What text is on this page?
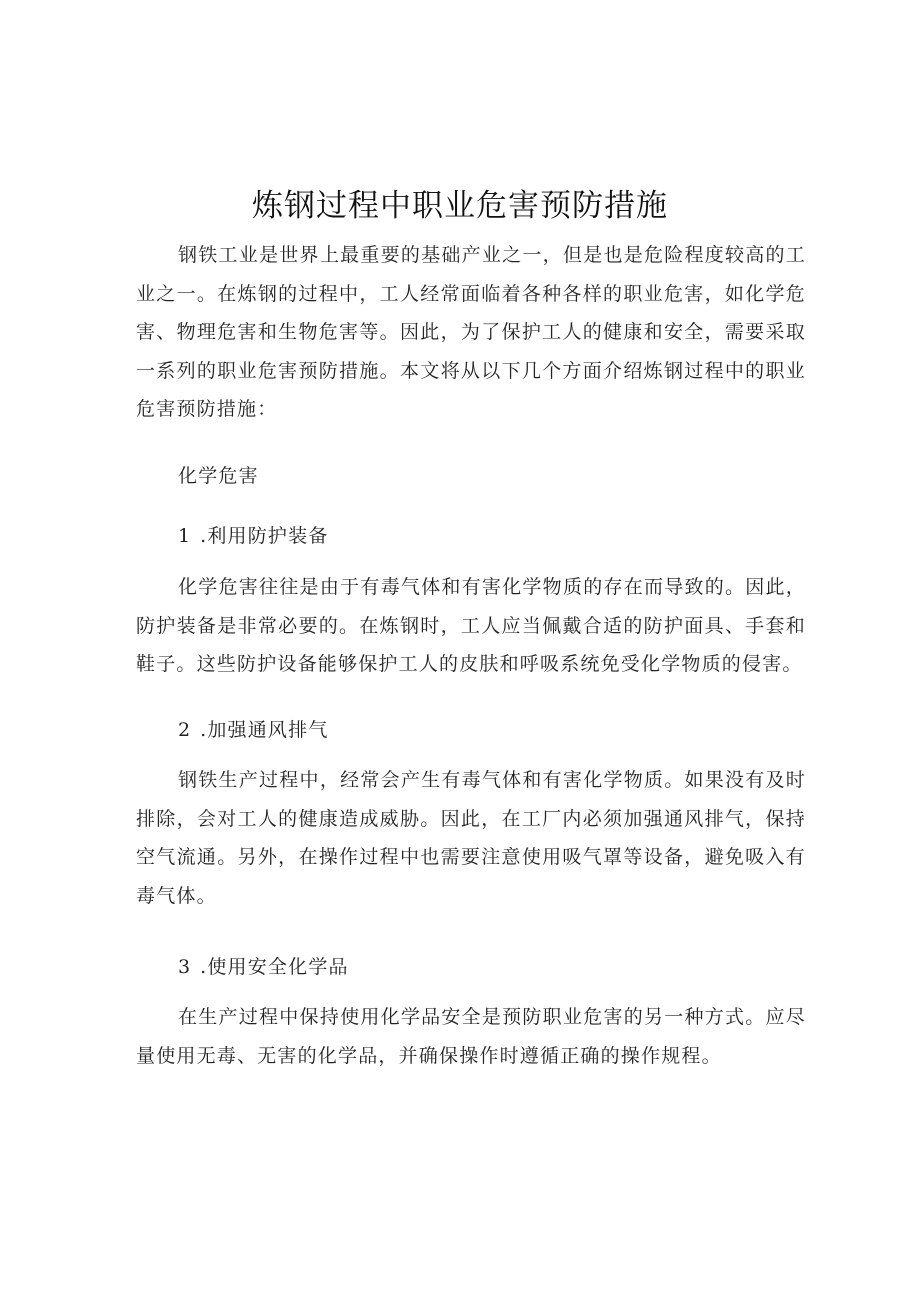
炼钢过程中职业危害预防措施

钢铁工业是世界上最重要的基础产业之一，但是也是危险程度较高的工业之一。在炼钢的过程中，工人经常面临着各种各样的职业危害，如化学危害、物理危害和生物危害等。因此，为了保护工人的健康和安全，需要采取一系列的职业危害预防措施。本文将从以下几个方面介绍炼钢过程中的职业危害预防措施：

化学危害

1 .利用防护装备

化学危害往往是由于有毒气体和有害化学物质的存在而导致的。因此，防护装备是非常必要的。在炼钢时，工人应当佩戴合适的防护面具、手套和鞋子。这些防护设备能够保护工人的皮肤和呼吸系统免受化学物质的侵害。

2 .加强通风排气

钢铁生产过程中，经常会产生有毒气体和有害化学物质。如果没有及时排除，会对工人的健康造成威胁。因此，在工厂内必须加强通风排气，保持空气流通。另外，在操作过程中也需要注意使用吸气罩等设备，避免吸入有毒气体。

3 .使用安全化学品

在生产过程中保持使用化学品安全是预防职业危害的另一种方式。应尽量使用无毒、无害的化学品，并确保操作时遵循正确的操作规程。
